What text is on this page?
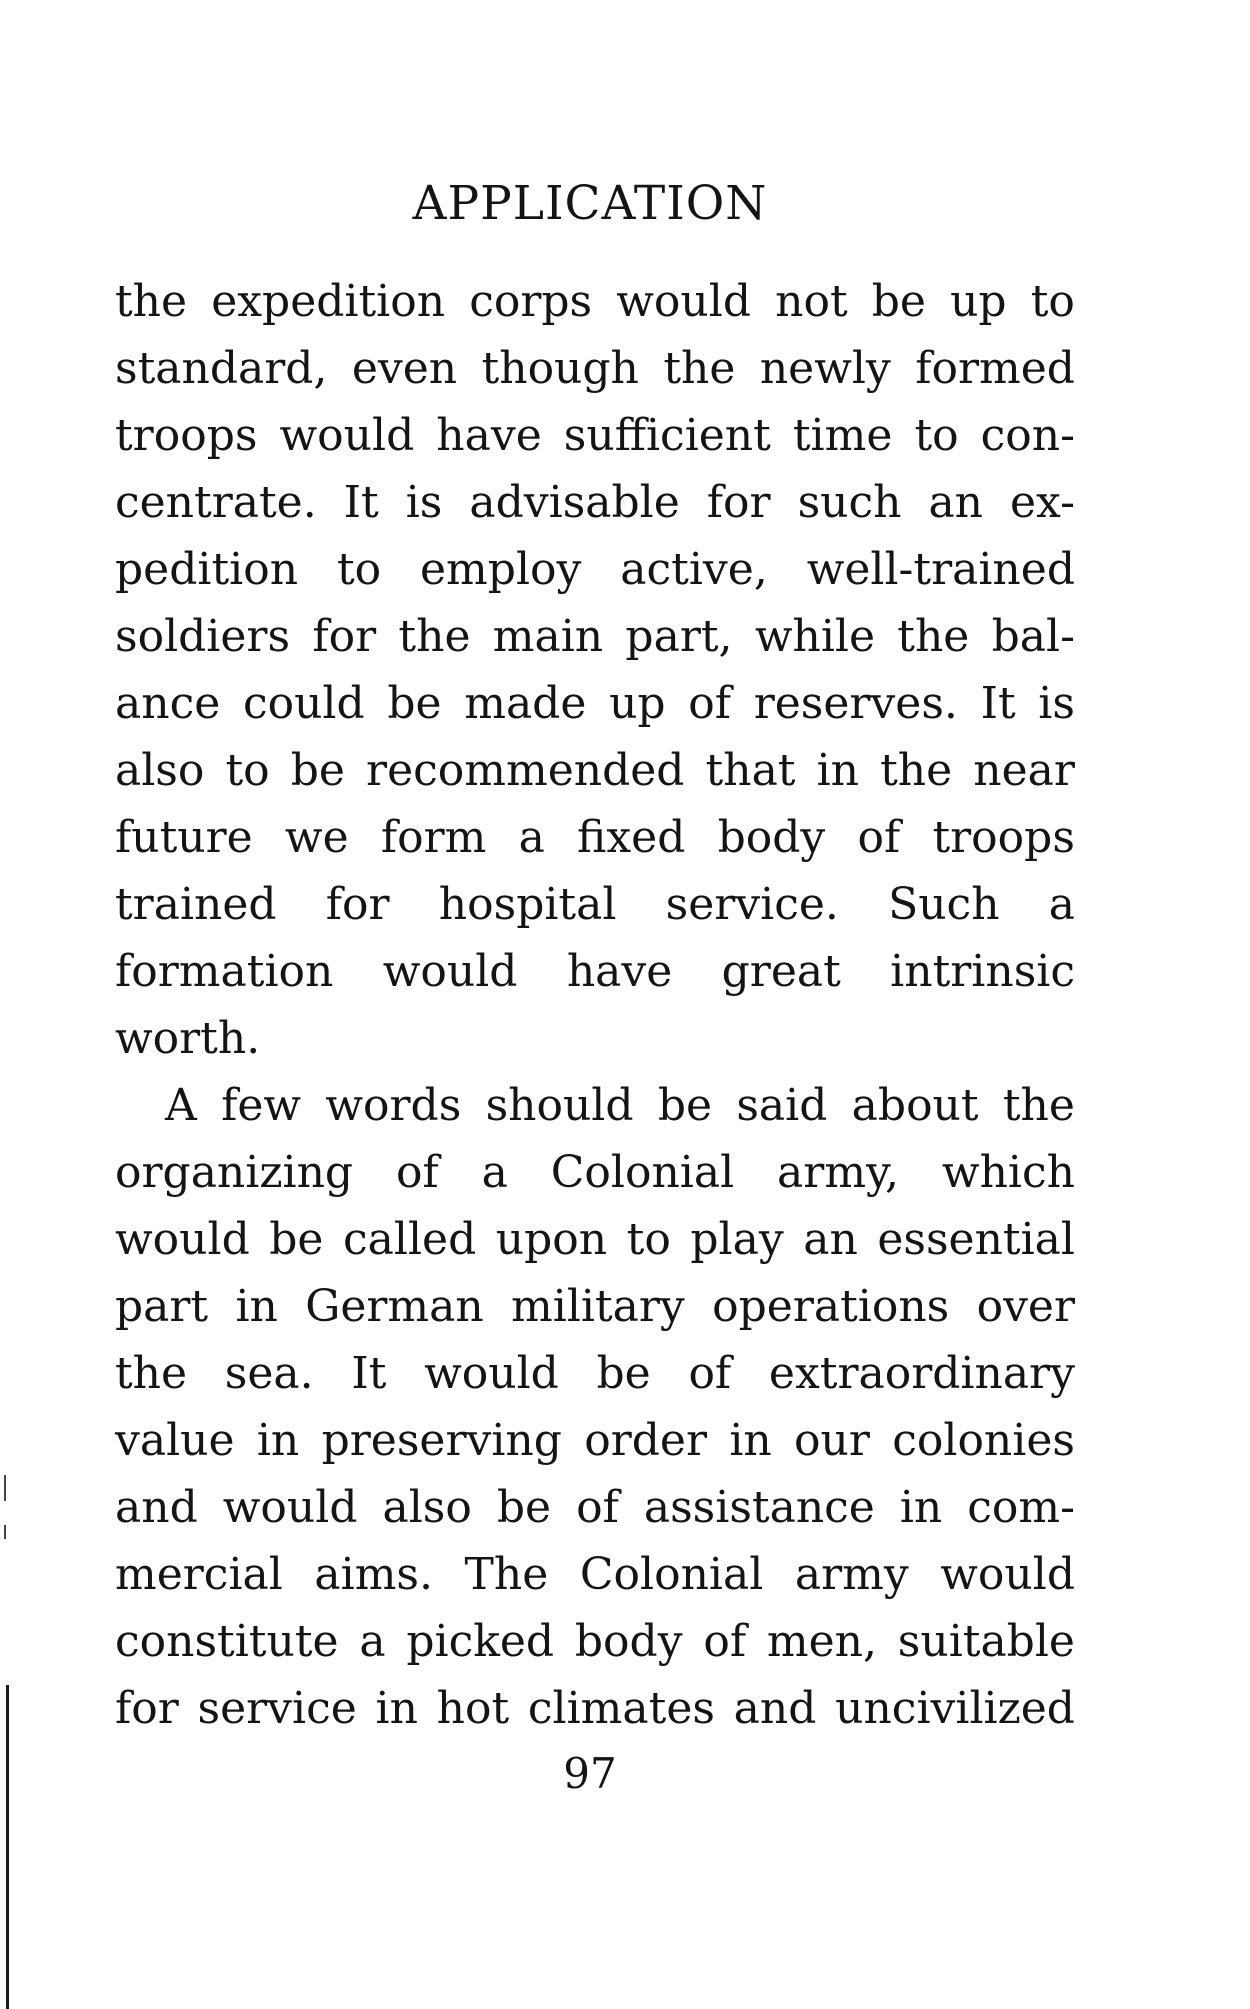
APPLICATION
the expedition corps would not be up to
standard, even though the newly formed
troops would have sufficient time to con-
centrate. It is advisable for such an ex-
pedition to employ active, well-trained
soldiers for the main part, while the bal-
ance could be made up of reserves. It is
also to be recommended that in the near
future we form a fixed body of troops
trained for hospital service. Such a
formation would have great intrinsic
worth.
A few words should be said about the
organizing of a Colonial army, which
would be called upon to play an essential
part in German military operations over
the sea. It would be of extraordinary
value in preserving order in our colonies
and would also be of assistance in com-
mercial aims. The Colonial army would
constitute a picked body of men, suitable
for service in hot climates and uncivilized
97
